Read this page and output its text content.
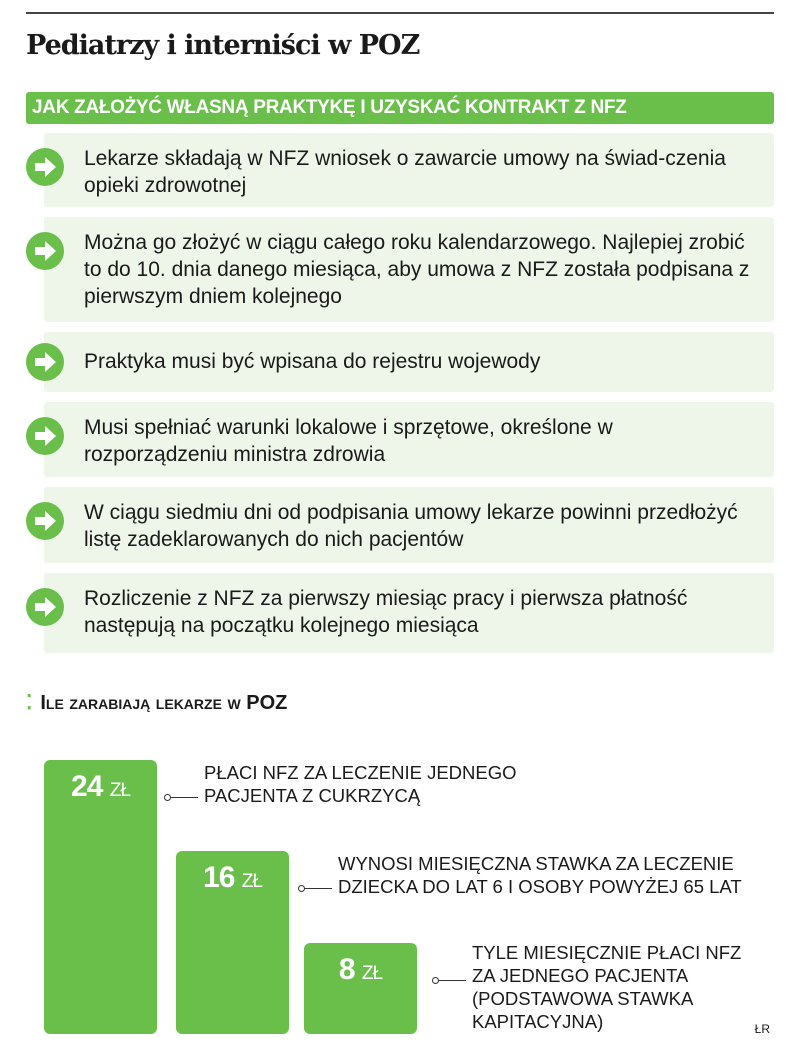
Pediatrzy i interniści w POZ
JAK ZAŁOŻYĆ WŁASNĄ PRAKTYKĘ I UZYSKAĆ KONTRAKT Z NFZ
Lekarze składają w NFZ wniosek o zawarcie umowy na świad-czenia opieki zdrowotnej
Można go złożyć w ciągu całego roku kalendarzowego. Najlepiej zrobić to do 10. dnia danego miesiąca, aby umowa z NFZ została podpisana z pierwszym dniem kolejnego
Praktyka musi być wpisana do rejestru wojewody
Musi spełniać warunki lokalowe i sprzętowe, określone w rozporządzeniu ministra zdrowia
W ciągu siedmiu dni od podpisania umowy lekarze powinni przedłożyć listę zadeklarowanych do nich pacjentów
Rozliczenie z NFZ za pierwszy miesiąc pracy i pierwsza płatność następują na początku kolejnego miesiąca
⁚ Ile zarabiają lekarze w POZ
24 ZŁ
PŁACI NFZ ZA LECZENIE JEDNEGO PACJENTA Z CUKRZYCĄ
16 ZŁ
WYNOSI MIESIĘCZNA STAWKA ZA LECZENIE DZIECKA DO LAT 6 I OSOBY POWYŻEJ 65 LAT
8 ZŁ
TYLE MIESIĘCZNIE PŁACI NFZ ZA JEDNEGO PACJENTA (PODSTAWOWA STAWKA KAPITACYJNA)	ŁR
